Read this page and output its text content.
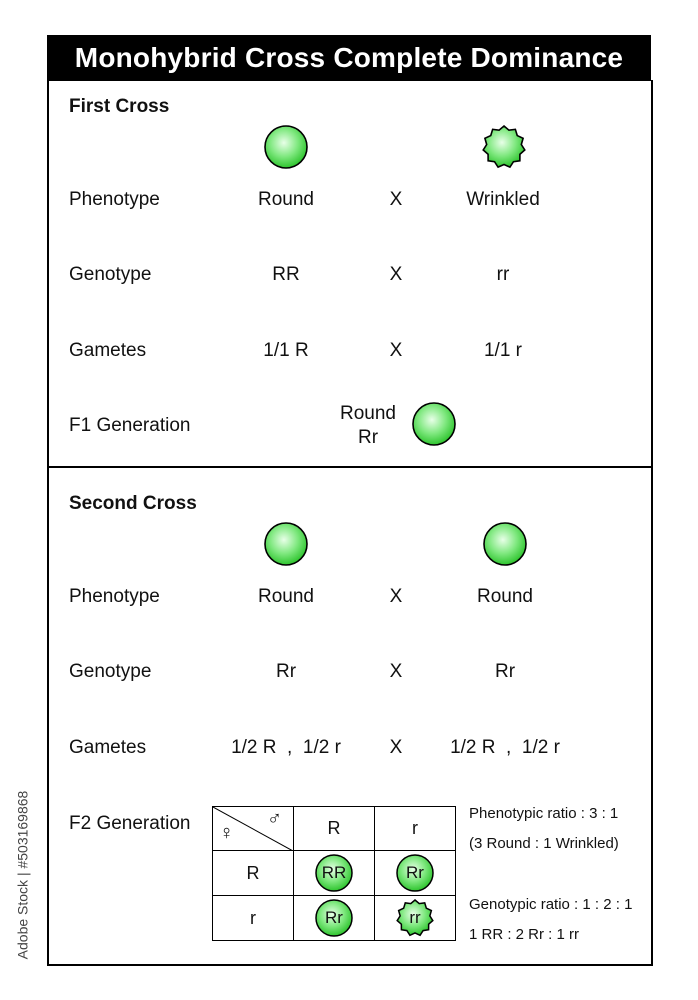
Monohybrid Cross Complete Dominance
First Cross
Phenotype	Round	X	Wrinkled
Genotype	RR	X	rr
Gametes	1/1 R	X	1/1 r
F1 Generation
Round
Rr
Second Cross
Phenotype	Round	X	Round
Genotype	Rr	X	Rr
Gametes	1/2 R  ,  1/2 r	X	1/2 R  ,  1/2 r
F2 Generation ♀
♂	R	r
R	RR	Rr

r	Rr	rr
Phenotypic ratio : 3 : 1
(3 Round : 1 Wrinkled)
Genotypic ratio : 1 : 2 : 1
1 RR : 2 Rr : 1 rr
Adobe Stock | #503169868
